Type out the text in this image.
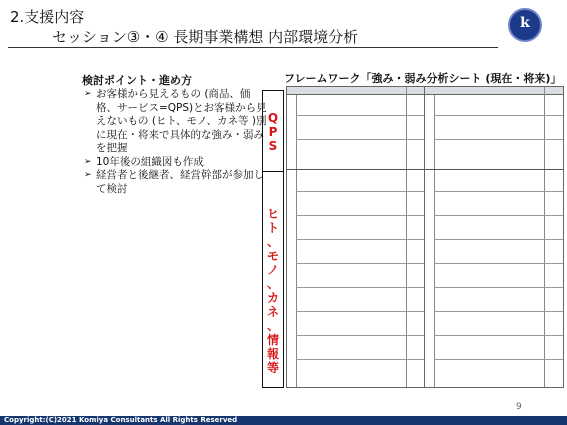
2.支援内容
セッション③・④ 長期事業構想 内部環境分析
k
検討ポイント・進め方
➢ お客様から見えるもの (商品、価格、サービス=QPS)とお客様から見えないもの (ヒト、モノ、カネ等 )別に現在・将来で具体的な強み・弱みを把握
➢ 10年後の組織図も作成
➢ 経営者と後継者、経営幹部が参加して検討
フレームワーク「強み・弱み分析シート (現在・将来)」
Q
P
S
ヒ
ト
、
モ
ノ
、
カ
ネ
、
情
報
等
9
Copyright:(C)2021 Komiya Consultants All Rights Reserved
